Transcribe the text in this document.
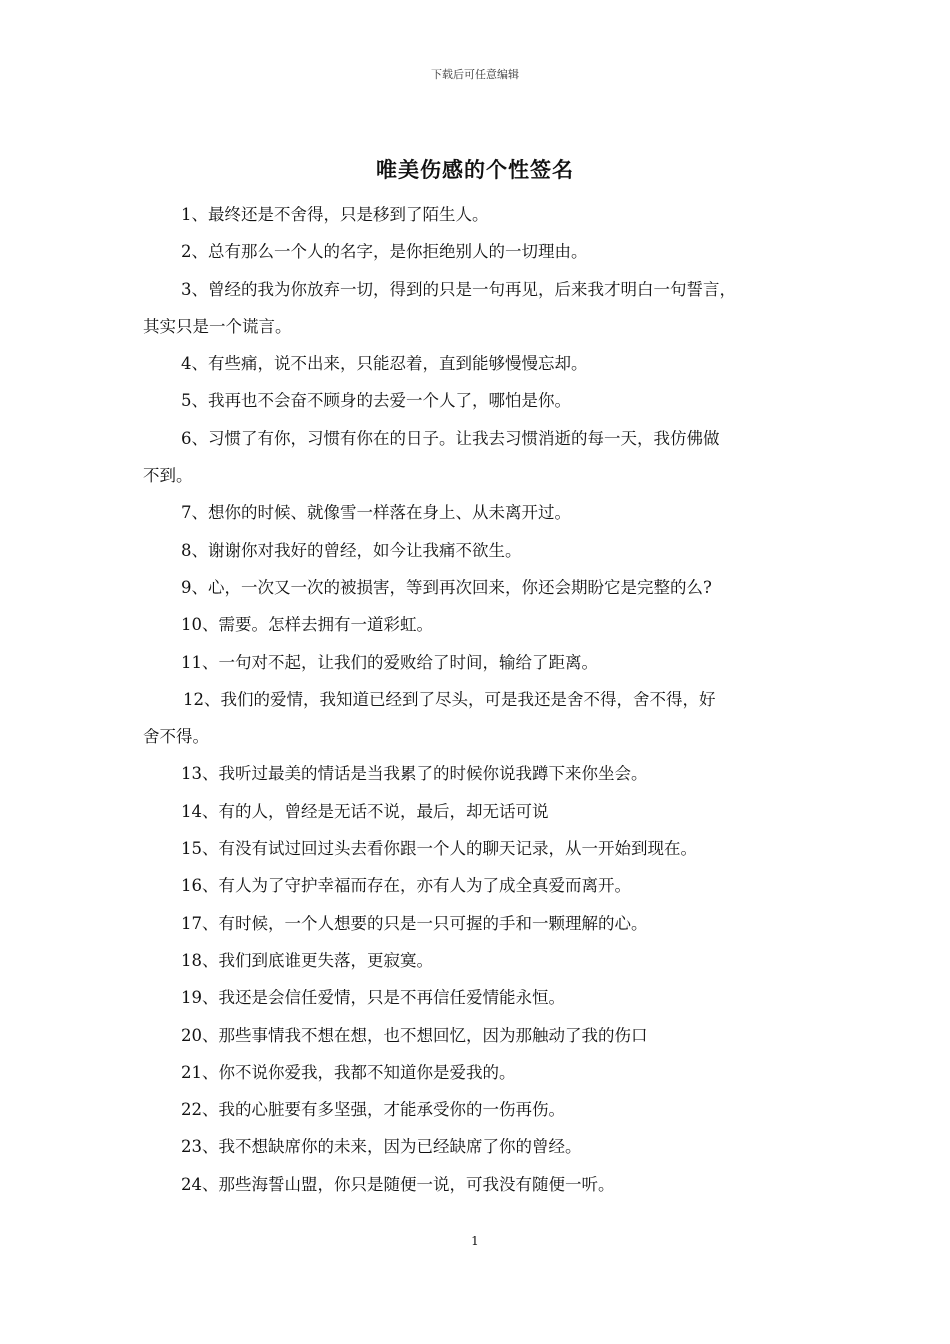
下载后可任意编辑
唯美伤感的个性签名
1、最终还是不舍得，只是移到了陌生人。
2、总有那么一个人的名字，是你拒绝别人的一切理由。
3、曾经的我为你放弃一切，得到的只是一句再见，后来我才明白一句誓言，
其实只是一个谎言。
4、有些痛，说不出来，只能忍着，直到能够慢慢忘却。
5、我再也不会奋不顾身的去爱一个人了，哪怕是你。
6、习惯了有你，习惯有你在的日子。让我去习惯消逝的每一天，我仿佛做
不到。
7、想你的时候、就像雪一样落在身上、从未离开过。
8、谢谢你对我好的曾经，如今让我痛不欲生。
9、心，一次又一次的被损害，等到再次回来，你还会期盼它是完整的么?
10、需要。怎样去拥有一道彩虹。
11、一句对不起，让我们的爱败给了时间，输给了距离。
12、我们的爱情，我知道已经到了尽头，可是我还是舍不得，舍不得，好
舍不得。
13、我听过最美的情话是当我累了的时候你说我蹲下来你坐会。
14、有的人，曾经是无话不说，最后，却无话可说
15、有没有试过回过头去看你跟一个人的聊天记录，从一开始到现在。
16、有人为了守护幸福而存在，亦有人为了成全真爱而离开。
17、有时候，一个人想要的只是一只可握的手和一颗理解的心。
18、我们到底谁更失落，更寂寞。
19、我还是会信任爱情，只是不再信任爱情能永恒。
20、那些事情我不想在想，也不想回忆，因为那触动了我的伤口
21、你不说你爱我，我都不知道你是爱我的。
22、我的心脏要有多坚强，才能承受你的一伤再伤。
23、我不想缺席你的未来，因为已经缺席了你的曾经。
24、那些海誓山盟，你只是随便一说，可我没有随便一听。
1
